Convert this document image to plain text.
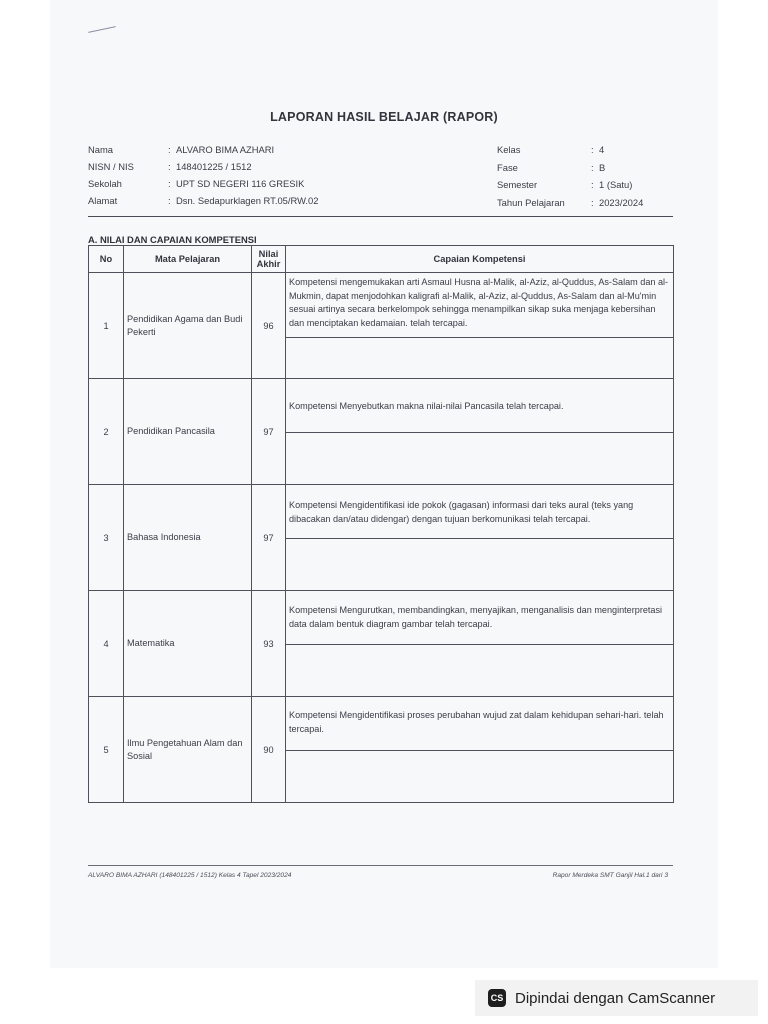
LAPORAN HASIL BELAJAR (RAPOR)
Nama	: ALVARO BIMA AZHARI
NISN / NIS	: 148401225 / 1512
Sekolah	: UPT SD NEGERI 116 GRESIK
Alamat	: Dsn. Sedapurklagen RT.05/RW.02
Kelas	: 4
Fase	: B
Semester	: 1 (Satu)
Tahun Pelajaran	: 2023/2024
A. NILAI DAN CAPAIAN KOMPETENSI
No	Mata Pelajaran	Nilai Akhir	Capaian Kompetensi
1	Pendidikan Agama dan Budi Pekerti	96	Kompetensi mengemukakan arti Asmaul Husna al-Malik, al-Aziz, al-Quddus, As-Salam dan al-Mukmin, dapat menjodohkan kaligrafi al-Malik, al-Aziz, al-Quddus, As-Salam dan al-Mu'min sesuai artinya secara berkelompok sehingga menampilkan sikap suka menjaga kebersihan dan menciptakan kedamaian. telah tercapai.

2	Pendidikan Pancasila	97	Kompetensi Menyebutkan makna nilai-nilai Pancasila telah tercapai.

3	Bahasa Indonesia	97	Kompetensi Mengidentifikasi ide pokok (gagasan) informasi dari teks aural (teks yang dibacakan dan/atau didengar) dengan tujuan berkomunikasi telah tercapai.

4	Matematika	93	Kompetensi Mengurutkan, membandingkan, menyajikan, menganalisis dan menginterpretasi data dalam bentuk diagram gambar telah tercapai.

5	Ilmu Pengetahuan Alam dan Sosial	90	Kompetensi Mengidentifikasi proses perubahan wujud zat dalam kehidupan sehari-hari. telah tercapai.
ALVARO BIMA AZHARI (148401225 / 1512) Kelas 4 Tapel 2023/2024	Rapor Merdeka SMT Ganjil Hal.1 dari 3
CS Dipindai dengan CamScanner
